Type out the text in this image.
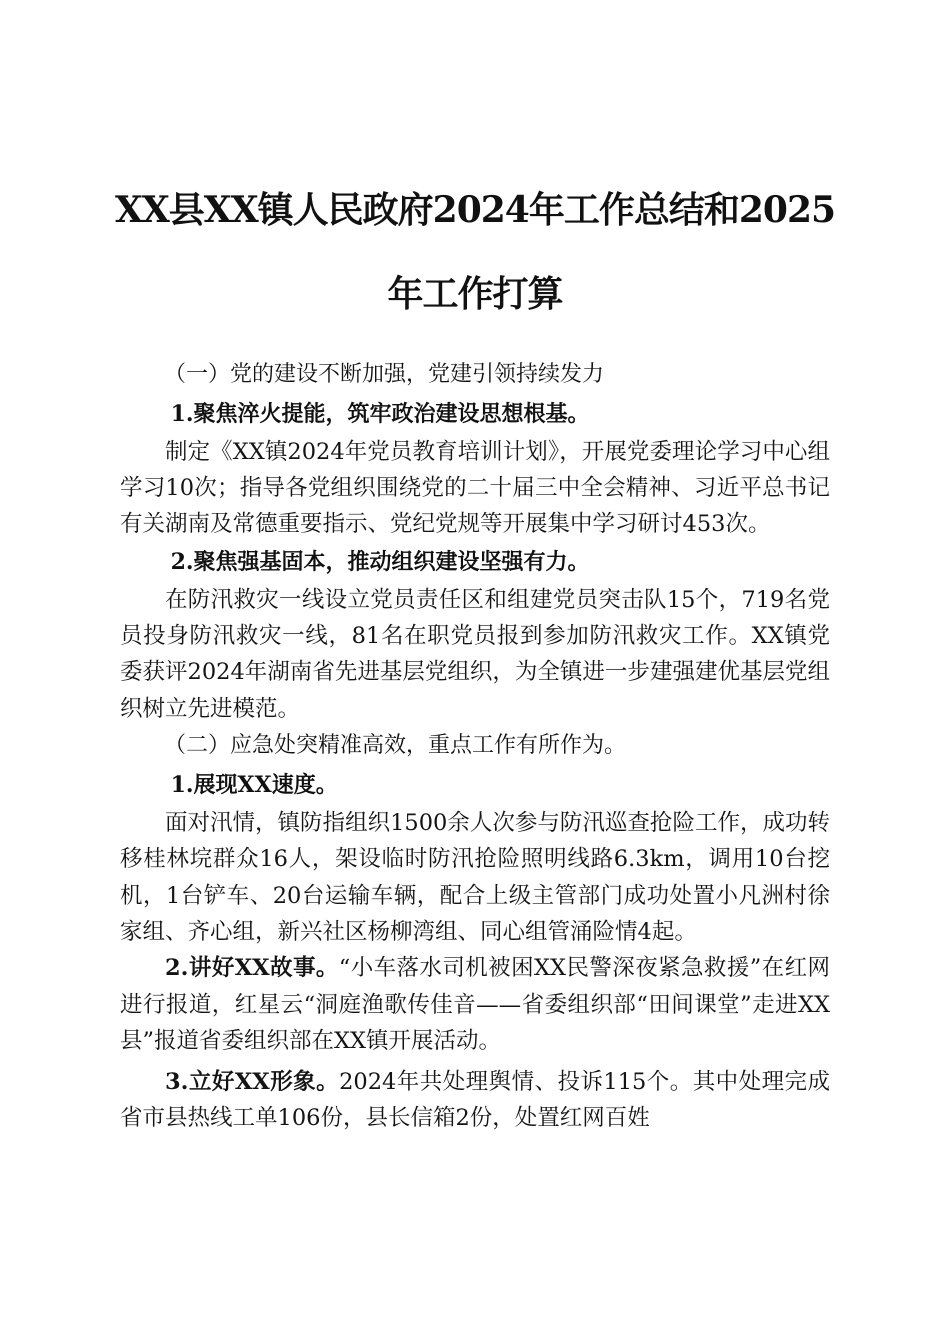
XX县XX镇人民政府2024年工作总结和2025
年工作打算

（一）党的建设不断加强，党建引领持续发力

1.聚焦淬火提能，筑牢政治建设思想根基。

制定《XX镇2024年党员教育培训计划》，开展党委理论学习中心组学习10次；指导各党组织围绕党的二十届三中全会精神、习近平总书记有关湖南及常德重要指示、党纪党规等开展集中学习研讨453次。

2.聚焦强基固本，推动组织建设坚强有力。

在防汛救灾一线设立党员责任区和组建党员突击队15个，719名党员投身防汛救灾一线，81名在职党员报到参加防汛救灾工作。XX镇党委获评2024年湖南省先进基层党组织，为全镇进一步建强建优基层党组织树立先进模范。

（二）应急处突精准高效，重点工作有所作为。

1.展现XX速度。

面对汛情，镇防指组织1500余人次参与防汛巡查抢险工作，成功转移桂林垸群众16人，架设临时防汛抢险照明线路6.3km，调用10台挖机，1台铲车、20台运输车辆，配合上级主管部门成功处置小凡洲村徐家组、齐心组，新兴社区杨柳湾组、同心组管涌险情4起。

2.讲好XX故事。“小车落水司机被困XX民警深夜紧急救援”在红网进行报道，红星云“洞庭渔歌传佳音——省委组织部“田间课堂”走进XX县”报道省委组织部在XX镇开展活动。

3.立好XX形象。2024年共处理舆情、投诉115个。其中处理完成省市县热线工单106份，县长信箱2份，处置红网百姓
